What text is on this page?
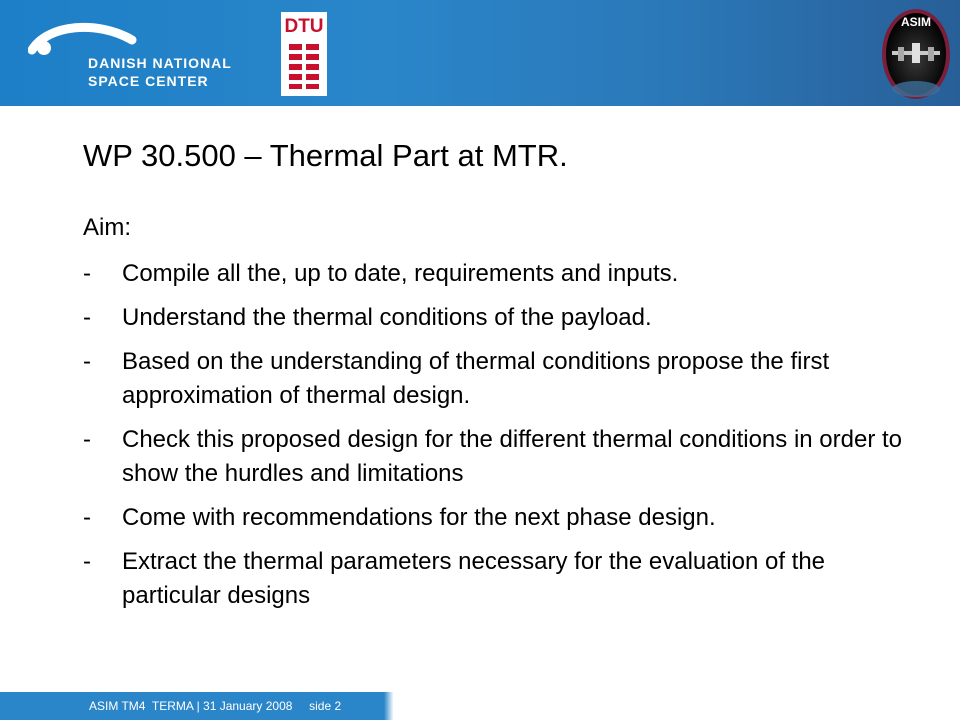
DANISH NATIONAL
SPACE CENTER
DTU	ASIM
WP 30.500 – Thermal Part at MTR.
Aim:
- Compile all the, up to date, requirements and inputs.
- Understand the thermal conditions of the payload.
- Based on the understanding of thermal conditions propose the first approximation of thermal design.
- Check this proposed design for the different thermal conditions in order to show the hurdles and limitations
- Come with recommendations for the next phase design.
- Extract the thermal parameters necessary for the evaluation of the particular designs
ASIM TM4  TERMA | 31 January 2008     side 2
